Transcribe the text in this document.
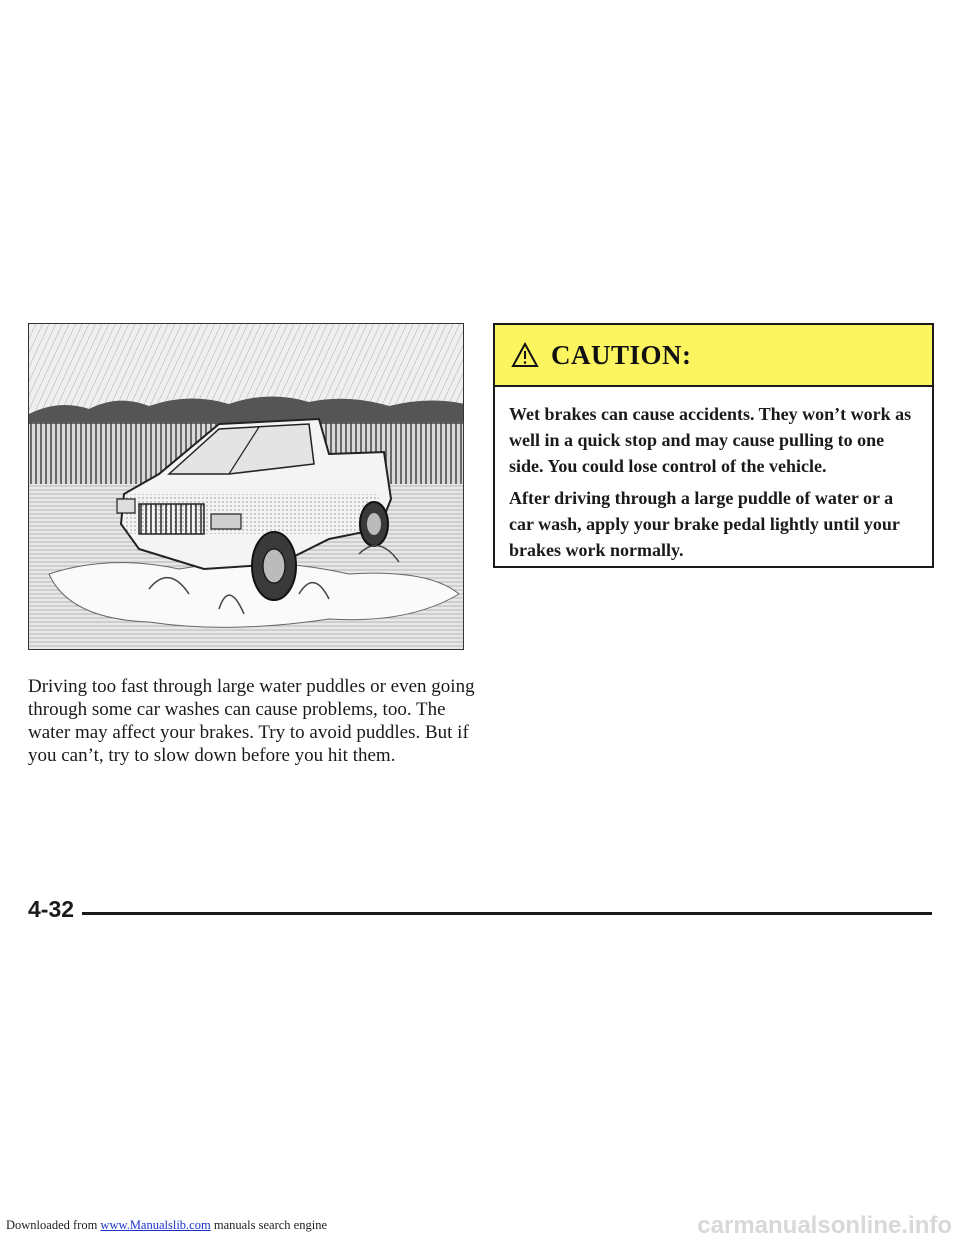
Driving too fast through large water puddles or even going through some car washes can cause problems, too. The water may affect your brakes. Try to avoid puddles. But if you can’t, try to slow down before you hit them.

CAUTION:

Wet brakes can cause accidents. They won’t work as well in a quick stop and may cause pulling to one side. You could lose control of the vehicle.

After driving through a large puddle of water or a car wash, apply your brake pedal lightly until your brakes work normally.

4-32
Downloaded from www.Manualslib.com manuals search engine	carmanualsonline.info
